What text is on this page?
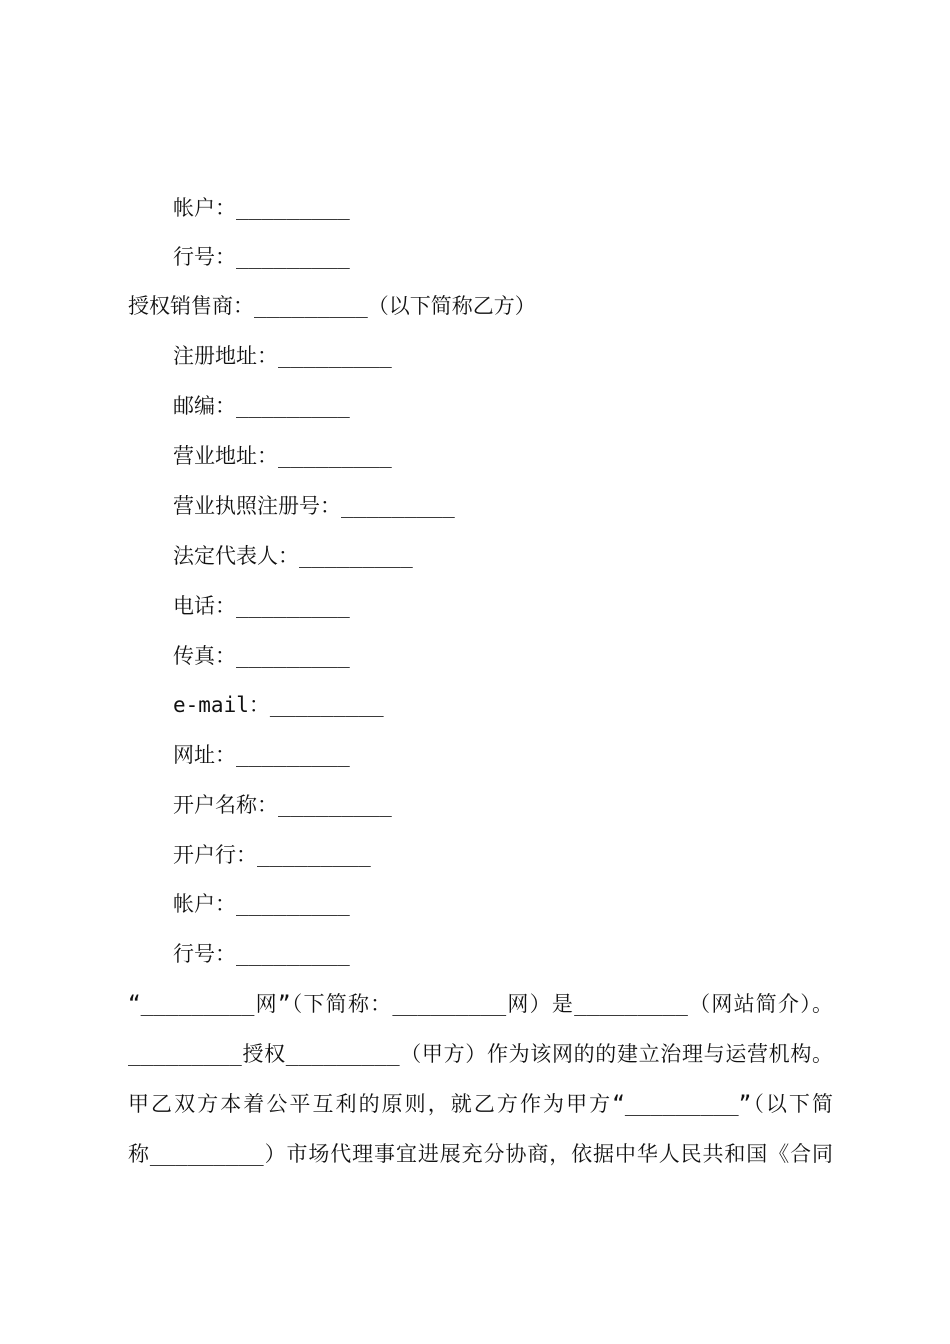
帐户：_________
行号：_________
授权销售商：_________（以下简称乙方）
注册地址：_________
邮编：_________
营业地址：_________
营业执照注册号：_________
法定代表人：_________
电话：_________
传真：_________
e-mail：_________
网址：_________
开户名称：_________
开户行：_________
帐户：_________
行号：_________
“_________网”（下简称：_________网）是_________（网站简介）。
_________授权_________（甲方）作为该网的的建立治理与运营机构。
甲乙双方本着公平互利的原则，就乙方作为甲方“_________”（以下简
称_________）市场代理事宜进展充分协商，依据中华人民共和国《合同
